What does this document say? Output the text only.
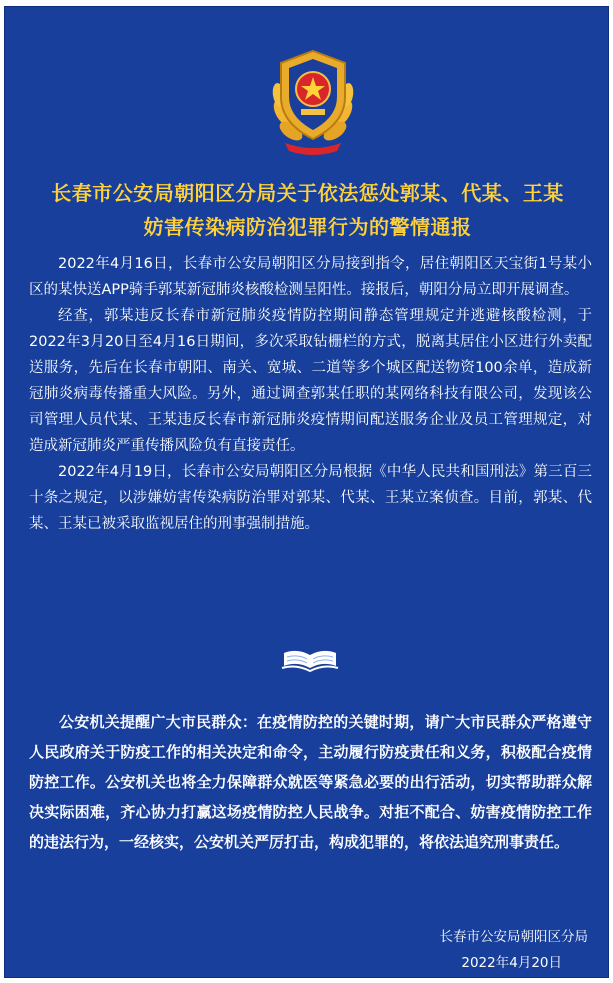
长春市公安局朝阳区分局关于依法惩处郭某、代某、王某
妨害传染病防治犯罪行为的警情通报

2022年4月16日，长春市公安局朝阳区分局接到指令，居住朝阳区天宝街1号某小区的某快送APP骑手郭某新冠肺炎核酸检测呈阳性。接报后，朝阳分局立即开展调查。

经查，郭某违反长春市新冠肺炎疫情防控期间静态管理规定并逃避核酸检测，于2022年3月20日至4月16日期间，多次采取钻栅栏的方式，脱离其居住小区进行外卖配送服务，先后在长春市朝阳、南关、宽城、二道等多个城区配送物资100余单，造成新冠肺炎病毒传播重大风险。另外，通过调查郭某任职的某网络科技有限公司，发现该公司管理人员代某、王某违反长春市新冠肺炎疫情期间配送服务企业及员工管理规定，对造成新冠肺炎严重传播风险负有直接责任。

2022年4月19日，长春市公安局朝阳区分局根据《中华人民共和国刑法》第三百三十条之规定，以涉嫌妨害传染病防治罪对郭某、代某、王某立案侦查。目前，郭某、代某、王某已被采取监视居住的刑事强制措施。

公安机关提醒广大市民群众：在疫情防控的关键时期，请广大市民群众严格遵守人民政府关于防疫工作的相关决定和命令，主动履行防疫责任和义务，积极配合疫情防控工作。公安机关也将全力保障群众就医等紧急必要的出行活动，切实帮助群众解决实际困难，齐心协力打赢这场疫情防控人民战争。对拒不配合、妨害疫情防控工作的违法行为，一经核实，公安机关严厉打击，构成犯罪的，将依法追究刑事责任。

长春市公安局朝阳区分局
2022年4月20日
